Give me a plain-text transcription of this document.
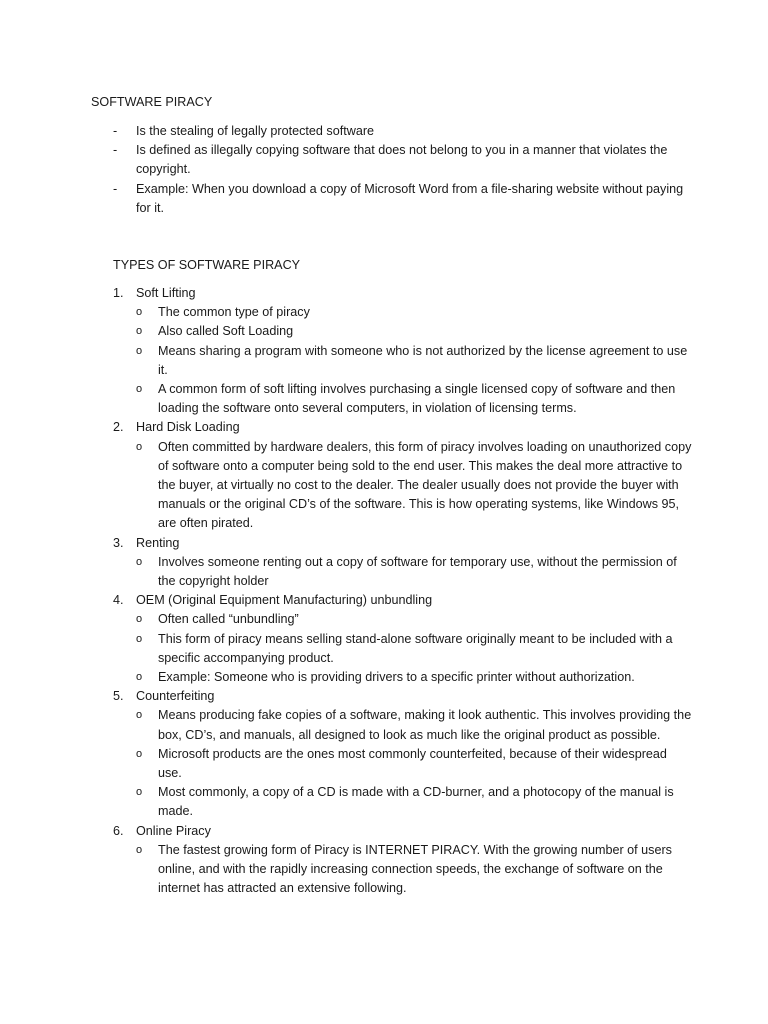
SOFTWARE PIRACY
- Is the stealing of legally protected software
- Is defined as illegally copying software that does not belong to you in a manner that violates the copyright.
- Example: When you download a copy of Microsoft Word from a file-sharing website without paying for it.
TYPES OF SOFTWARE PIRACY
1. Soft Lifting
o The common type of piracy
o Also called Soft Loading
o Means sharing a program with someone who is not authorized by the license agreement to use it.
o A common form of soft lifting involves purchasing a single licensed copy of software and then loading the software onto several computers, in violation of licensing terms.
2. Hard Disk Loading
o Often committed by hardware dealers, this form of piracy involves loading on unauthorized copy of software onto a computer being sold to the end user. This makes the deal more attractive to the buyer, at virtually no cost to the dealer. The dealer usually does not provide the buyer with manuals or the original CD’s of the software. This is how operating systems, like Windows 95, are often pirated.
3. Renting
o Involves someone renting out a copy of software for temporary use, without the permission of the copyright holder
4. OEM (Original Equipment Manufacturing) unbundling
o Often called “unbundling”
o This form of piracy means selling stand-alone software originally meant to be included with a specific accompanying product.
o Example: Someone who is providing drivers to a specific printer without authorization.
5. Counterfeiting
o Means producing fake copies of a software, making it look authentic. This involves providing the box, CD’s, and manuals, all designed to look as much like the original product as possible.
o Microsoft products are the ones most commonly counterfeited, because of their widespread use.
o Most commonly, a copy of a CD is made with a CD-burner, and a photocopy of the manual is made.
6. Online Piracy
o The fastest growing form of Piracy is INTERNET PIRACY. With the growing number of users online, and with the rapidly increasing connection speeds, the exchange of software on the internet has attracted an extensive following.
